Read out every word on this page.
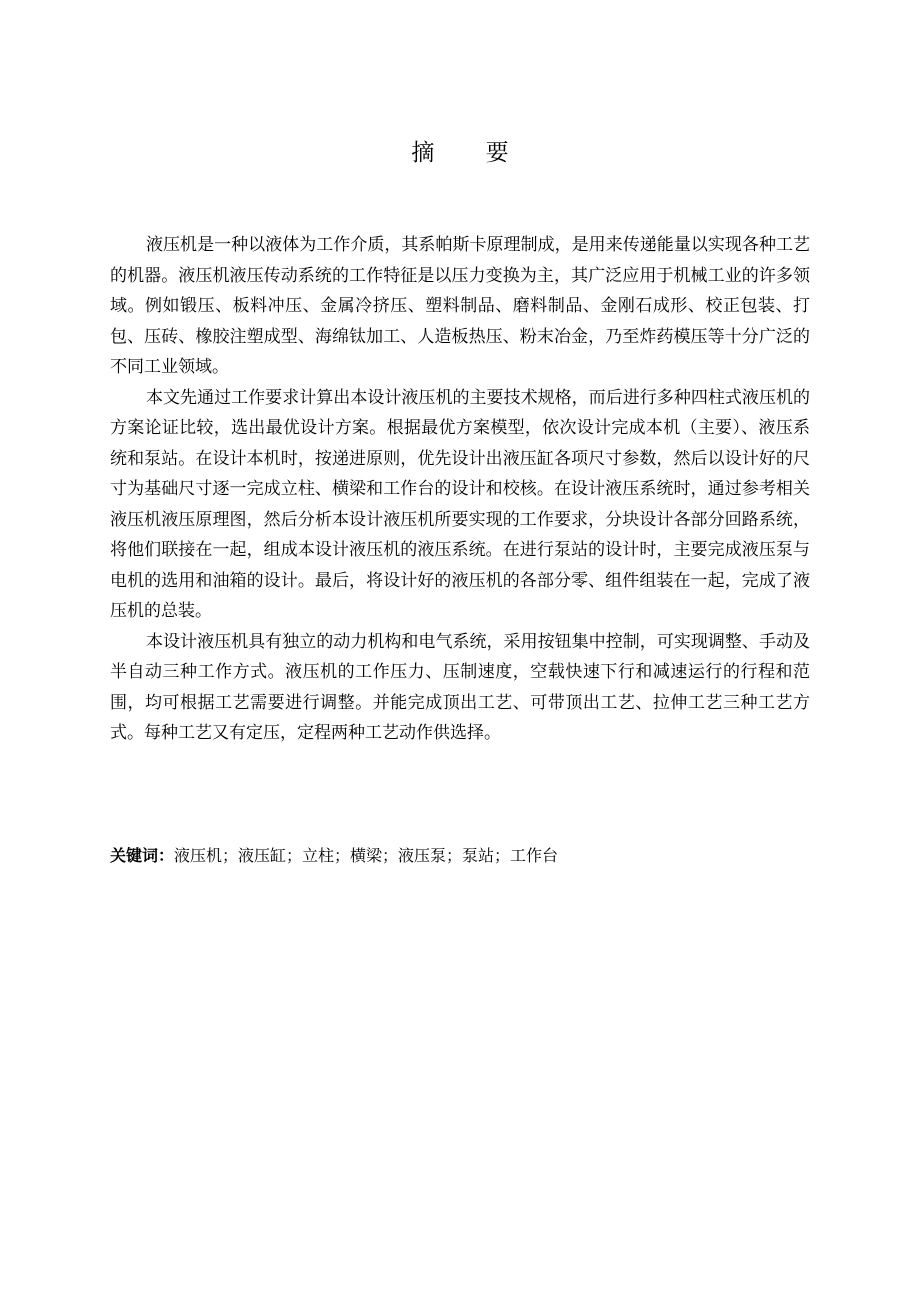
摘 要

液压机是一种以液体为工作介质，其系帕斯卡原理制成，是用来传递能量以实现各种工艺的机器。液压机液压传动系统的工作特征是以压力变换为主，其广泛应用于机械工业的许多领域。例如锻压、板料冲压、金属冷挤压、塑料制品、磨料制品、金刚石成形、校正包装、打包、压砖、橡胶注塑成型、海绵钛加工、人造板热压、粉末冶金，乃至炸药模压等十分广泛的不同工业领域。

本文先通过工作要求计算出本设计液压机的主要技术规格，而后进行多种四柱式液压机的方案论证比较，选出最优设计方案。根据最优方案模型，依次设计完成本机（主要）、液压系统和泵站。在设计本机时，按递进原则，优先设计出液压缸各项尺寸参数，然后以设计好的尺寸为基础尺寸逐一完成立柱、横梁和工作台的设计和校核。在设计液压系统时，通过参考相关液压机液压原理图，然后分析本设计液压机所要实现的工作要求，分块设计各部分回路系统，将他们联接在一起，组成本设计液压机的液压系统。在进行泵站的设计时，主要完成液压泵与电机的选用和油箱的设计。最后，将设计好的液压机的各部分零、组件组装在一起，完成了液压机的总装。

本设计液压机具有独立的动力机构和电气系统，采用按钮集中控制，可实现调整、手动及半自动三种工作方式。液压机的工作压力、压制速度，空载快速下行和减速运行的行程和范围，均可根据工艺需要进行调整。并能完成顶出工艺、可带顶出工艺、拉伸工艺三种工艺方式。每种工艺又有定压，定程两种工艺动作供选择。

关键词：液压机；液压缸；立柱；横梁；液压泵；泵站；工作台
